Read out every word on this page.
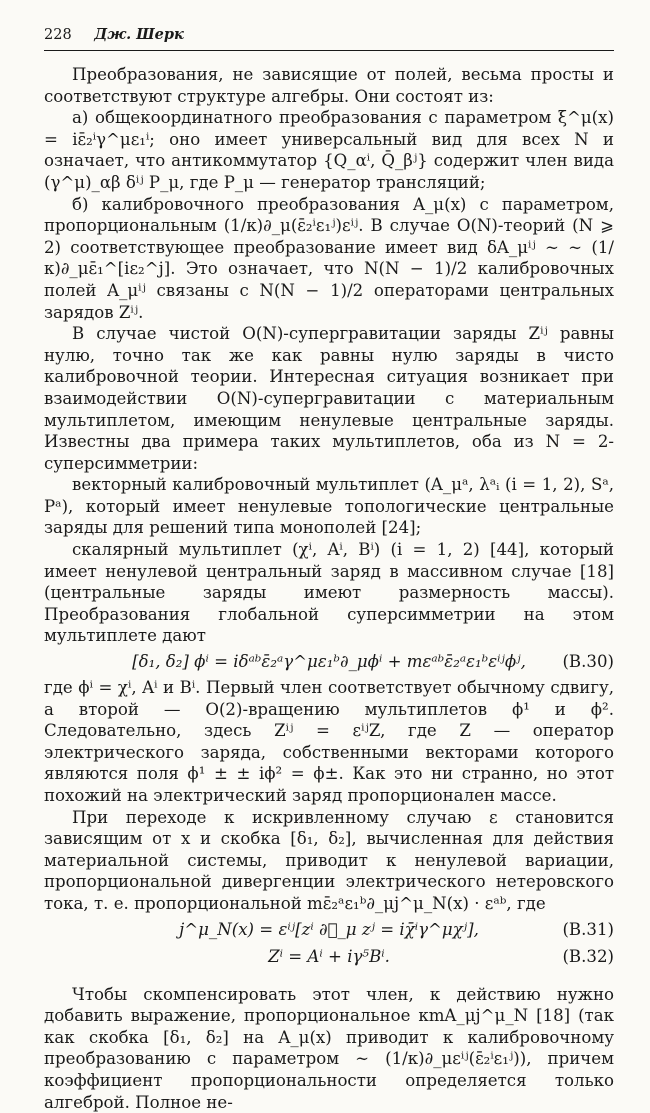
228 Дж. Шерк

Преобразования, не зависящие от полей, весьма просты и соответствуют структуре алгебры. Они состоят из:

а) общекоординатного преобразования с параметром ξ^μ(x) = iε̄₂ⁱγ^με₁ⁱ; оно имеет универсальный вид для всех N и означает, что антикоммутатор {Q_αⁱ, Q̄_βʲ} содержит член вида (γ^μ)_αβ δⁱʲ P_μ, где P_μ — генератор трансляций;

б) калибровочного преобразования A_μ(x) с параметром, пропорциональным (1/κ)∂_μ(ε̄₂ⁱε₁ʲ)εⁱʲ. В случае O(N)-теорий (N ⩾ 2) соответствующее преобразование имеет вид δA_μⁱʲ ∼ ∼ (1/κ)∂_με̄₁^[iε₂^j]. Это означает, что N(N − 1)/2 калибровочных полей A_μⁱʲ связаны с N(N − 1)/2 операторами центральных зарядов Zⁱʲ.

В случае чистой O(N)-супергравитации заряды Zⁱʲ равны нулю, точно так же как равны нулю заряды в чисто калибровочной теории. Интересная ситуация возникает при взаимодействии O(N)-супергравитации с материальным мультиплетом, имеющим ненулевые центральные заряды. Известны два примера таких мультиплетов, оба из N = 2-суперсимметрии:

векторный калибровочный мультиплет (A_μᵃ, λᵃᵢ (i = 1, 2), Sᵃ, Pᵃ), который имеет ненулевые топологические центральные заряды для решений типа монополей [24];

скалярный мультиплет (χⁱ, Aⁱ, Bⁱ) (i = 1, 2) [44], который имеет ненулевой центральный заряд в массивном случае [18] (центральные заряды имеют размерность массы). Преобразования глобальной суперсимметрии на этом мультиплете дают

[δ₁, δ₂] ϕⁱ = iδᵃᵇε̄₂ᵃγ^με₁ᵇ∂_μϕⁱ + mεᵃᵇε̄₂ᵃε₁ᵇεⁱʲϕʲ, (B.30)

где ϕⁱ = χⁱ, Aⁱ и Bⁱ. Первый член соответствует обычному сдвигу, а второй — O(2)-вращению мультиплетов ϕ¹ и ϕ². Следовательно, здесь Zⁱʲ = εⁱʲZ, где Z — оператор электрического заряда, собственными векторами которого являются поля ϕ¹ ± ± iϕ² = ϕ±. Как это ни странно, но этот похожий на электрический заряд пропорционален массе.

При переходе к искривленному случаю ε становится зависящим от x и скобка [δ₁, δ₂], вычисленная для действия материальной системы, приводит к ненулевой вариации, пропорциональной дивергенции электрического нетеровского тока, т. е. пропорциональной mε̄₂ᵃε₁ᵇ∂_μj^μ_N(x) · εᵃᵇ, где

j^μ_N(x) = εⁱʲ[zⁱ ∂⃡_μ zʲ = iχ̄ⁱγ^μχʲ],	(B.31)
Zⁱ = Aⁱ + iγ⁵Bⁱ.	(B.32)

Чтобы скомпенсировать этот член, к действию нужно добавить выражение, пропорциональное κmA_μj^μ_N [18] (так как скобка [δ₁, δ₂] на A_μ(x) приводит к калибровочному преобразованию с параметром ∼ (1/κ)∂_μεⁱʲ(ε̄₂ⁱε₁ʲ)), причем коэффициент пропорциональности определяется только алгеброй. Полное не-
